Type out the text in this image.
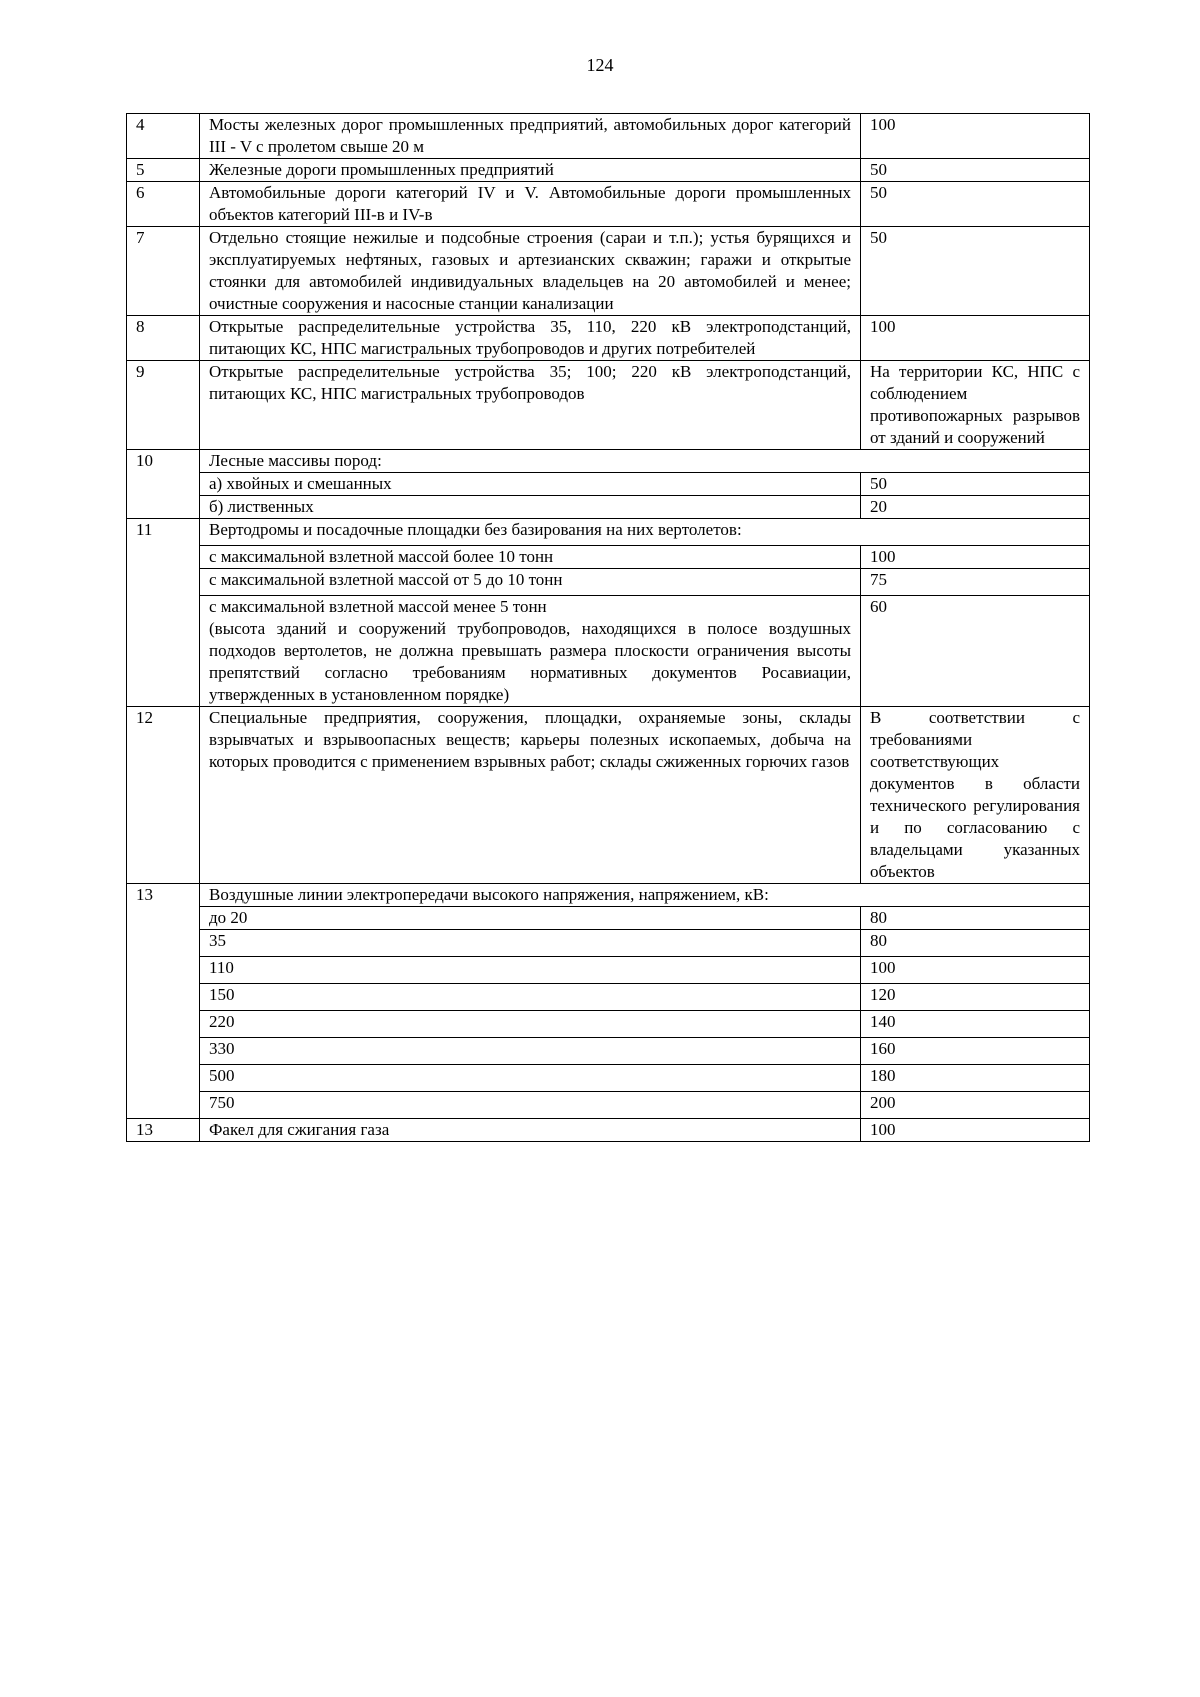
124
4	Мосты железных дорог промышленных предприятий, автомобильных дорог категорий III - V с пролетом свыше 20 м	100
5	Железные дороги промышленных предприятий	50
6	Автомобильные дороги категорий IV и V. Автомобильные дороги промышленных объектов категорий III-в и IV-в	50
7	Отдельно стоящие нежилые и подсобные строения (сараи и т.п.); устья бурящихся и эксплуатируемых нефтяных, газовых и артезианских скважин; гаражи и открытые стоянки для автомобилей индивидуальных владельцев на 20 автомобилей и менее; очистные сооружения и насосные станции канализации	50
8	Открытые распределительные устройства 35, 110, 220 кВ электроподстанций, питающих КС, НПС магистральных трубопроводов и других потребителей	100
9	Открытые распределительные устройства 35; 100; 220 кВ электроподстанций, питающих КС, НПС магистральных трубопроводов	На территории КС, НПС с соблюдением противопожарных разрывов от зданий и сооружений
10	Лесные массивы пород:	
	а) хвойных и смешанных	50
	б) лиственных	20
11	Вертодромы и посадочные площадки без базирования на них вертолетов:	
	с максимальной взлетной массой более 10 тонн	100
	с максимальной взлетной массой от 5 до 10 тонн	75

	с максимальной взлетной массой менее 5 тонн
(высота зданий и сооружений трубопроводов, находящихся в полосе воздушных подходов вертолетов, не должна превышать размера плоскости ограничения высоты препятствий согласно требованиям нормативных документов Росавиации, утвержденных в установленном порядке)	60
12	Специальные предприятия, сооружения, площадки, охраняемые зоны, склады взрывчатых и взрывоопасных веществ; карьеры полезных ископаемых, добыча на которых проводится с применением взрывных работ; склады сжиженных горючих газов	В соответствии с требованиями соответствующих документов в области технического регулирования и по согласованию с владельцами указанных объектов
13	Воздушные линии электропередачи высокого напряжения, напряжением, кВ:	
	до 20	80
	35	80
	110	100
	150	120
	220	140
	330	160
	500	180
	750	200
13	Факел для сжигания газа	100
